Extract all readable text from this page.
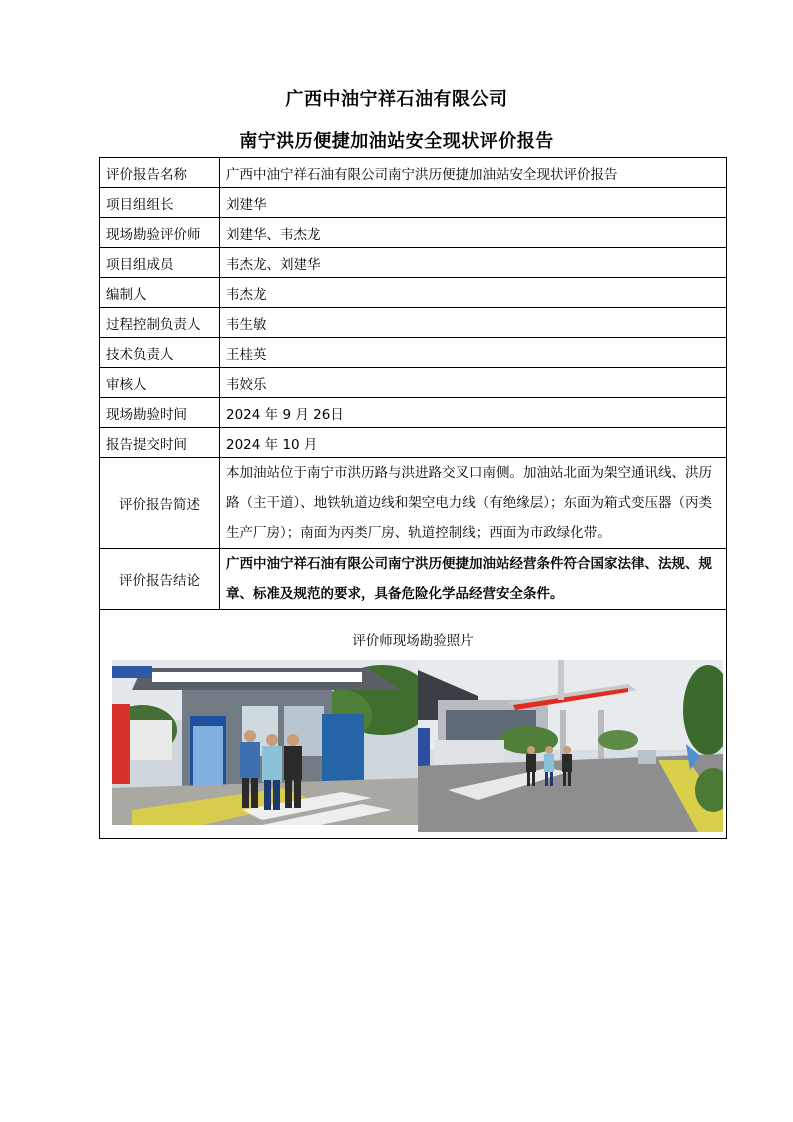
广西中油宁祥石油有限公司
南宁洪历便捷加油站安全现状评价报告
评价报告名称	广西中油宁祥石油有限公司南宁洪历便捷加油站安全现状评价报告
项目组组长	刘建华
现场勘验评价师	刘建华、韦杰龙
项目组成员	韦杰龙、刘建华
编制人	韦杰龙
过程控制负责人	韦生敏
技术负责人	王桂英
审核人	韦姣乐
现场勘验时间	2024 年 9 月 26日
报告提交时间	2024 年 10 月
评价报告简述	本加油站位于南宁市洪历路与洪进路交叉口南侧。加油站北面为架空通讯线、洪历路（主干道）、地铁轨道边线和架空电力线（有绝缘层）；东面为箱式变压器（丙类生产厂房）；南面为丙类厂房、轨道控制线；西面为市政绿化带。
评价报告结论	广西中油宁祥石油有限公司南宁洪历便捷加油站经营条件符合国家法律、法规、规章、标准及规范的要求，具备危险化学品经营安全条件。

评价师现场勘验照片	
